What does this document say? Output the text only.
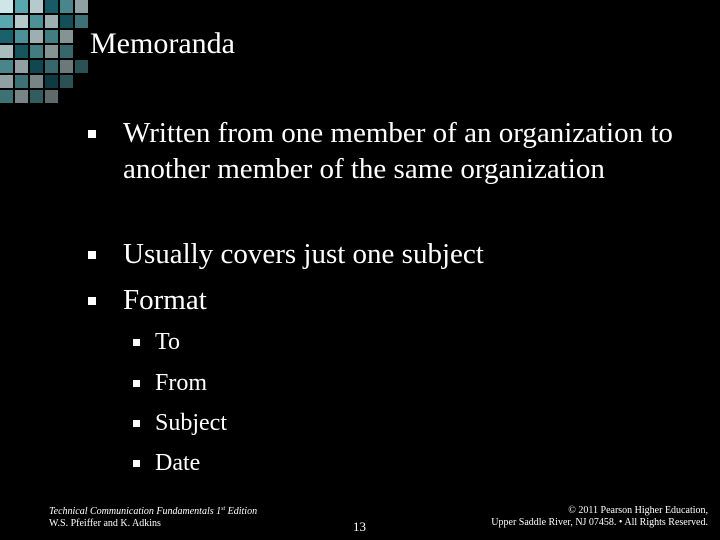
Memoranda
Written from one member of an organization to another member of the same organization
Usually covers just one subject
Format
To
From
Subject
Date
Technical Communication Fundamentals 1st Edition
W.S. Pfeiffer and K. Adkins	13
© 2011 Pearson Higher Education,
Upper Saddle River, NJ 07458. • All Rights Reserved.
